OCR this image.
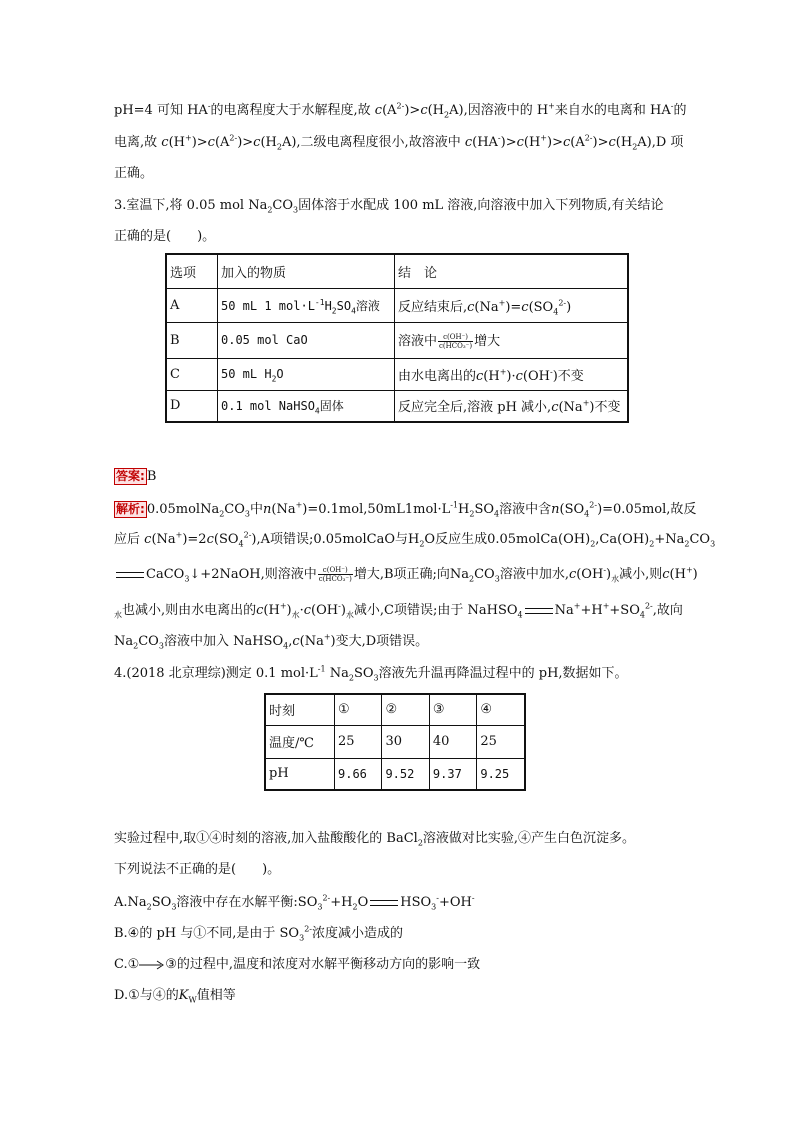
pH=4 可知 HA-的电离程度大于水解程度,故 $c(A^{2-})>c(H_2A)$,因溶液中的 H+来自水的电离和 HA-的
电离,故 $c(H^+)>c(A^{2-})>c(H_2A)$,二级电离程度很小,故溶液中 $c(HA^-)>c(H^+)>c(A^{2-})>c(H_2A),D$ 项
正确。
3.室温下,将 0.05 mol $Na_2CO_3$固体溶于水配成 100 mL 溶液,向溶液中加入下列物质,有关结论
正确的是(　　)。
选项	加入的物质	结　论
A	50 mL 1 $mol\cdot L^{-1}H_2SO_4$溶液	反应结束后$,c(Na^+)=c(SO_4^{2-})$
B	0.05 mol CaO	溶液中 $\frac{c(OH^-)}{\text{c(HCO₃⁻)}}$ 增大
C	50 mL $H_2O$	由水电离出的c(H+)·c(OH-)不变
D	0.1 mol NaHSO$_4$固体	反应完全后,溶液 pH 减小,c(Na+)不变
答案: B
解析: $0.05molNa_2CO_3$中$n(Na^+)=0.1mol,50mL1mol\cdot L^{-1}H_2SO_4$溶液中含$n(SO_4^{2-})=0.05mol$,故反
应后 $c(Na^+)=2c(SO_4^{2-}),A$项错误;0.05molCaO与$H_2O$反应生成$0.05molCa(OH)_2,Ca(OH)_2+Na_2CO_3$
CaCO$_3$↓+2NaOH,则溶液中 $\frac{c(OH^-)}{\text{c(HCO₃⁻)}}$ 增大,B项正确;向$Na_2CO_3$溶液中加水$,c(OH^-)_水$减小,则c(H+)
$_水$也减小,则由水电离出的$c(H^+)_水\cdot c(OH^-)_水$减小,C项错误;由于 NaHSO$_4$ $Na^++H^++SO_4^{2-}$,故向
$Na_2CO_3$溶液中加入 NaHSO$_4$,c(Na+)变大,D项错误。
4.(2018 北京理综)测定 0.1 $mol\cdot L^{-1}$ $Na_2SO_3$溶液先升温再降温过程中的 pH,数据如下。
时刻	①	②	③	④
温度/℃	25	30	40	25
pH	9.66	9.52	9.37	9.25
实验过程中,取①④时刻的溶液,加入盐酸酸化的 BaCl$_2$溶液做对比实验,④产生白色沉淀多。
下列说法不正确的是(　　)。
$A.Na_2SO_3$溶液中存在水解平衡$:SO_3^{2-}+H_2O$ $HSO_3^-+OH^-$
B.④的 pH 与①不同,是由于 $SO_3^{2-}$浓度减小造成的
C.① ③的过程中,温度和浓度对水解平衡移动方向的影响一致
D.①与④的$K_W$值相等
